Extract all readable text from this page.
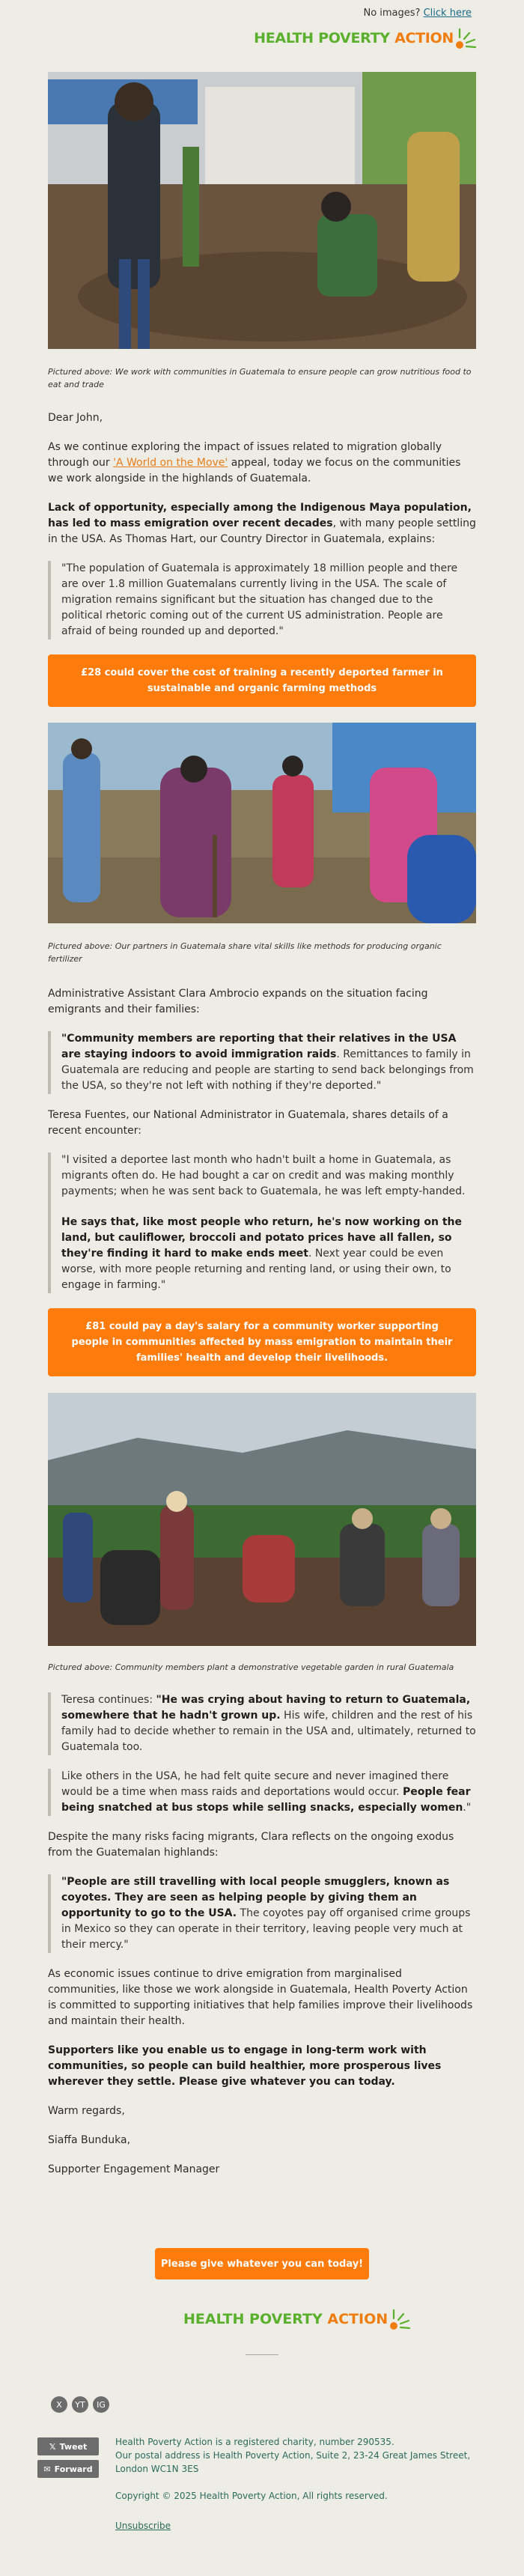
No images? Click here
HEALTH POVERTY
ACTION

Pictured above: We work with communities in Guatemala to ensure people can grow nutritious food to eat and trade

Dear John,

As we continue exploring the impact of issues related to migration globally through our 'A World on the Move' appeal, today we focus on the communities we work alongside in the highlands of Guatemala.

Lack of opportunity, especially among the Indigenous Maya population, has led to mass emigration over recent decades, with many people settling in the USA. As Thomas Hart, our Country Director in Guatemala, explains:

"The population of Guatemala is approximately 18 million people and there are over 1.8 million Guatemalans currently living in the USA. The scale of migration remains significant but the situation has changed due to the political rhetoric coming out of the current US administration. People are afraid of being rounded up and deported."
£28 could cover the cost of training a recently deported farmer in sustainable and organic farming methods

Pictured above: Our partners in Guatemala share vital skills like methods for producing organic fertilizer

Administrative Assistant Clara Ambrocio expands on the situation facing emigrants and their families:

"Community members are reporting that their relatives in the USA are staying indoors to avoid immigration raids. Remittances to family in Guatemala are reducing and people are starting to send back belongings from the USA, so they're not left with nothing if they're deported."

Teresa Fuentes, our National Administrator in Guatemala, shares details of a recent encounter:

"I visited a deportee last month who hadn't built a home in Guatemala, as migrants often do. He had bought a car on credit and was making monthly payments; when he was sent back to Guatemala, he was left empty-handed.
He says that, like most people who return, he's now working on the land, but cauliflower, broccoli and potato prices have all fallen, so they're finding it hard to make ends meet. Next year could be even worse, with more people returning and renting land, or using their own, to engage in farming."
£81 could pay a day's salary for a community worker supporting people in communities affected by mass emigration to maintain their families' health and develop their livelihoods.

Pictured above: Community members plant a demonstrative vegetable garden in rural Guatemala

Teresa continues: "He was crying about having to return to Guatemala, somewhere that he hadn't grown up. His wife, children and the rest of his family had to decide whether to remain in the USA and, ultimately, returned to Guatemala too.
Like others in the USA, he had felt quite secure and never imagined there would be a time when mass raids and deportations would occur. People fear being snatched at bus stops while selling snacks, especially women."

Despite the many risks facing migrants, Clara reflects on the ongoing exodus from the Guatemalan highlands:

"People are still travelling with local people smugglers, known as coyotes. They are seen as helping people by giving them an opportunity to go to the USA. The coyotes pay off organised crime groups in Mexico so they can operate in their territory, leaving people very much at their mercy."

As economic issues continue to drive emigration from marginalised communities, like those we work alongside in Guatemala, Health Poverty Action is committed to supporting initiatives that help families improve their livelihoods and maintain their health.

Supporters like you enable us to engage in long-term work with communities, so people can build healthier, more prosperous lives wherever they settle. Please give whatever you can today.

Warm regards,

Siaffa Bunduka,

Supporter Engagement Manager

Please give whatever you can today!
HEALTH POVERTY
ACTION
X	YT	IG
𝕏 Tweet
✉ Forward
Health Poverty Action is a registered charity, number 290535.
Our postal address is Health Poverty Action, Suite 2, 23-24 Great James Street, London WC1N 3ES
Copyright © 2025 Health Poverty Action, All rights reserved.
Unsubscribe
